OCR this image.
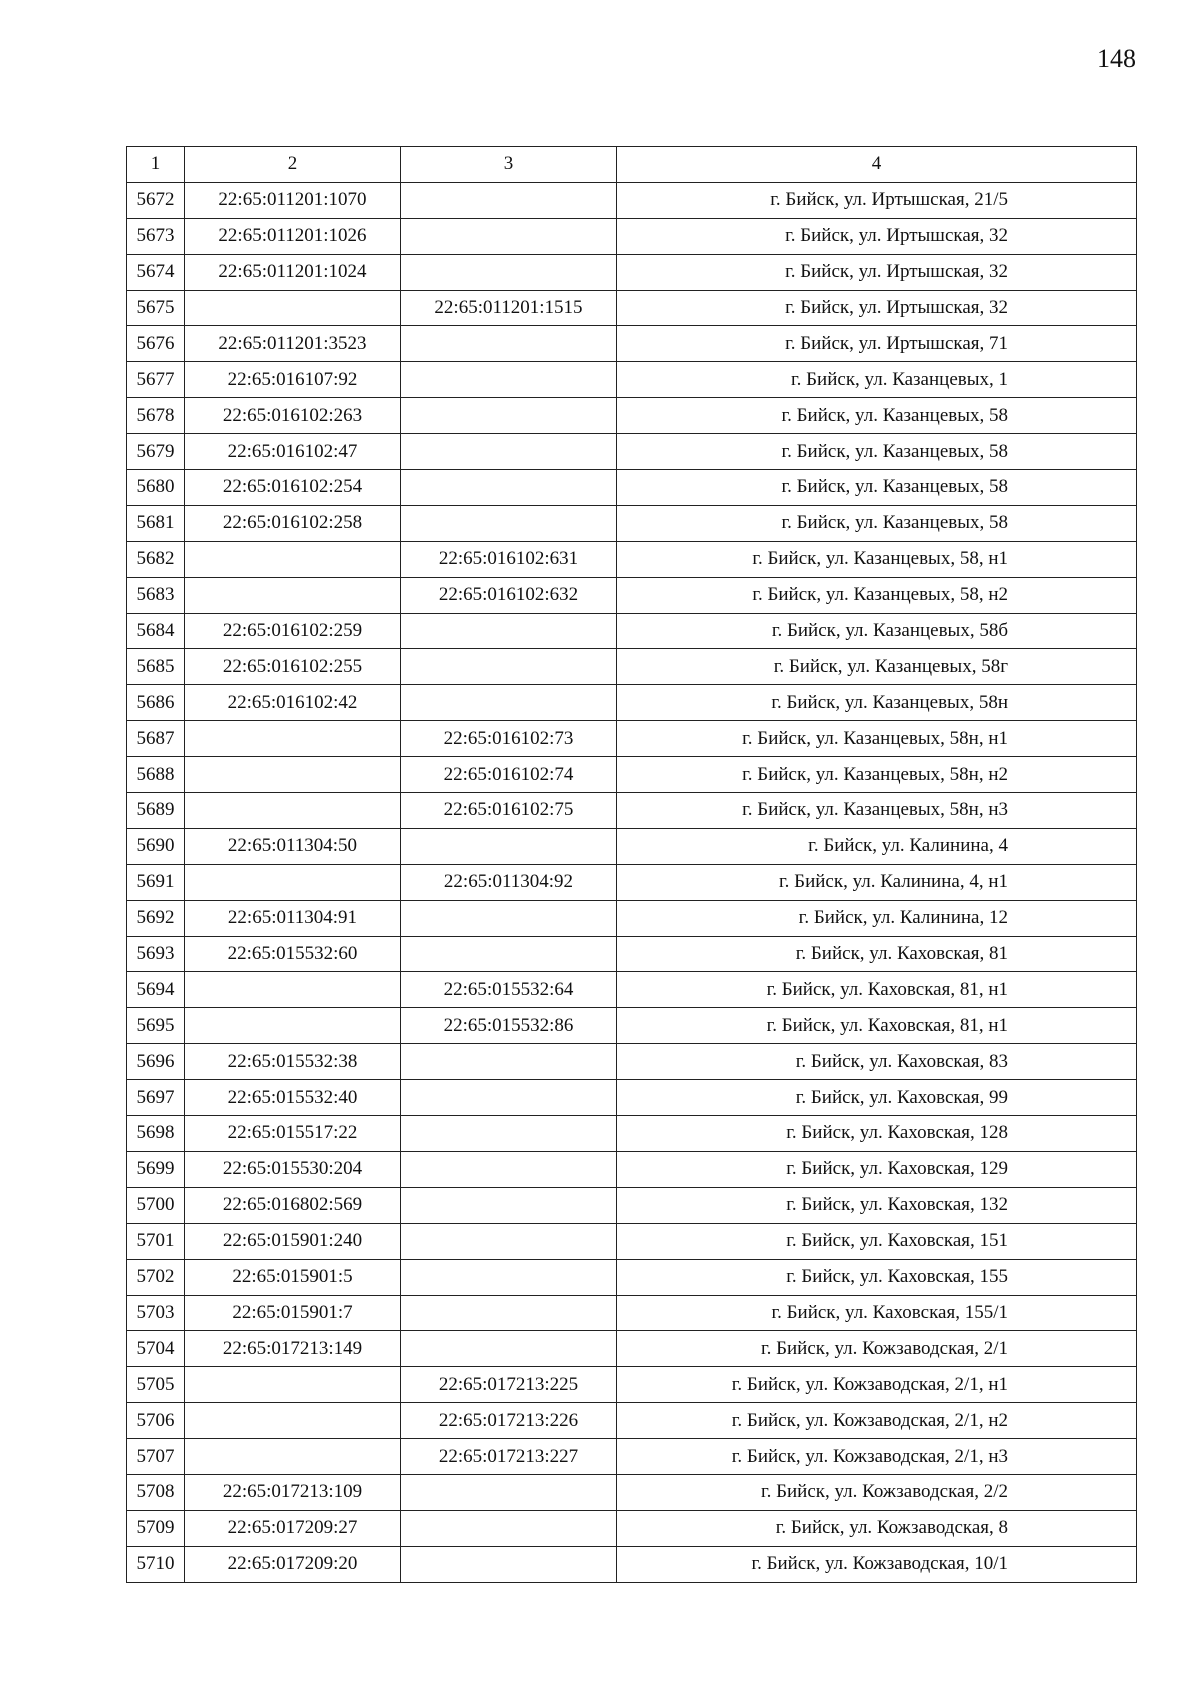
148
1	2	3	4
5672	22:65:011201:1070		г. Бийск, ул. Иртышская, 21/5
5673	22:65:011201:1026		г. Бийск, ул. Иртышская, 32
5674	22:65:011201:1024		г. Бийск, ул. Иртышская, 32
5675		22:65:011201:1515	г. Бийск, ул. Иртышская, 32
5676	22:65:011201:3523		г. Бийск, ул. Иртышская, 71
5677	22:65:016107:92		г. Бийск, ул. Казанцевых, 1
5678	22:65:016102:263		г. Бийск, ул. Казанцевых, 58
5679	22:65:016102:47		г. Бийск, ул. Казанцевых, 58
5680	22:65:016102:254		г. Бийск, ул. Казанцевых, 58
5681	22:65:016102:258		г. Бийск, ул. Казанцевых, 58
5682		22:65:016102:631	г. Бийск, ул. Казанцевых, 58, н1
5683		22:65:016102:632	г. Бийск, ул. Казанцевых, 58, н2
5684	22:65:016102:259		г. Бийск, ул. Казанцевых, 58б
5685	22:65:016102:255		г. Бийск, ул. Казанцевых, 58г
5686	22:65:016102:42		г. Бийск, ул. Казанцевых, 58н
5687		22:65:016102:73	г. Бийск, ул. Казанцевых, 58н, н1
5688		22:65:016102:74	г. Бийск, ул. Казанцевых, 58н, н2
5689		22:65:016102:75	г. Бийск, ул. Казанцевых, 58н, н3
5690	22:65:011304:50		г. Бийск, ул. Калинина, 4
5691		22:65:011304:92	г. Бийск, ул. Калинина, 4, н1
5692	22:65:011304:91		г. Бийск, ул. Калинина, 12
5693	22:65:015532:60		г. Бийск, ул. Каховская, 81
5694		22:65:015532:64	г. Бийск, ул. Каховская, 81, н1
5695		22:65:015532:86	г. Бийск, ул. Каховская, 81, н1
5696	22:65:015532:38		г. Бийск, ул. Каховская, 83
5697	22:65:015532:40		г. Бийск, ул. Каховская, 99
5698	22:65:015517:22		г. Бийск, ул. Каховская, 128
5699	22:65:015530:204		г. Бийск, ул. Каховская, 129
5700	22:65:016802:569		г. Бийск, ул. Каховская, 132
5701	22:65:015901:240		г. Бийск, ул. Каховская, 151
5702	22:65:015901:5		г. Бийск, ул. Каховская, 155
5703	22:65:015901:7		г. Бийск, ул. Каховская, 155/1
5704	22:65:017213:149		г. Бийск, ул. Кожзаводская, 2/1
5705		22:65:017213:225	г. Бийск, ул. Кожзаводская, 2/1, н1
5706		22:65:017213:226	г. Бийск, ул. Кожзаводская, 2/1, н2
5707		22:65:017213:227	г. Бийск, ул. Кожзаводская, 2/1, н3
5708	22:65:017213:109		г. Бийск, ул. Кожзаводская, 2/2
5709	22:65:017209:27		г. Бийск, ул. Кожзаводская, 8
5710	22:65:017209:20		г. Бийск, ул. Кожзаводская, 10/1
